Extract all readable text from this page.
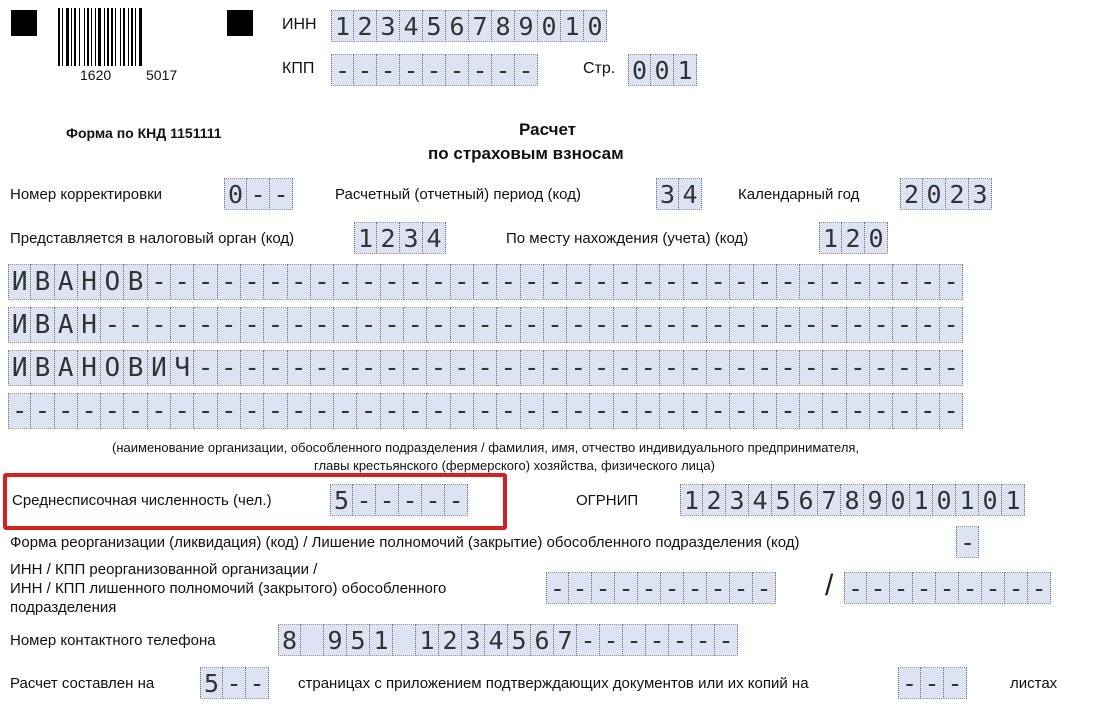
1620 5017
ИНН 1 2 3 4 5 6 7 8 9 0 1 0
КПП - - - - - - - - -	Стр. 0 0 1
Форма по КНД 1151111	Расчет
по страховым взносам
Номер корректировки	0 - -	Расчетный (отчетный) период (код)	3 4	Календарный год 2 0 2 3
Представляется в налоговый орган (код)	1 2 3 4	По месту нахождения (учета) (код)	1 2 0
И В А Н О В - - - - - - - - - - - - - - - - - - - - - - - - - - - - - - - - - - -
И В А Н - - - - - - - - - - - - - - - - - - - - - - - - - - - - - - - - - - - - -
И В А Н О В И Ч - - - - - - - - - - - - - - - - - - - - - - - - - - - - - - - - -
- - - - - - - - - - - - - - - - - - - - - - - - - - - - - - - - - - - - - - - - -
(наименование организации, обособленного подразделения / фамилия, имя, отчество индивидуального предпринимателя,
главы крестьянского (фермерского) хозяйства, физического лица)
Среднесписочная численность (чел.) 5 - - - - -	ОГРНИП 1 2 3 4 5 6 7 8 9 0 1 0 1 0 1
Форма реорганизации (ликвидация) (код) / Лишение полномочий (закрытие) обособленного подразделения (код)	-
ИНН / КПП реорганизованной организации /
ИНН / КПП лишенного полномочий (закрытого) обособленного
подразделения
- - - - - - - - - - / - - - - - - - - -
Номер контактного телефона	8 9 5 1 1 2 3 4 5 6 7 - - - - - - -
Расчет составлен на 5 - - страницах с приложением подтверждающих документов или их копий на	- - -	листах
